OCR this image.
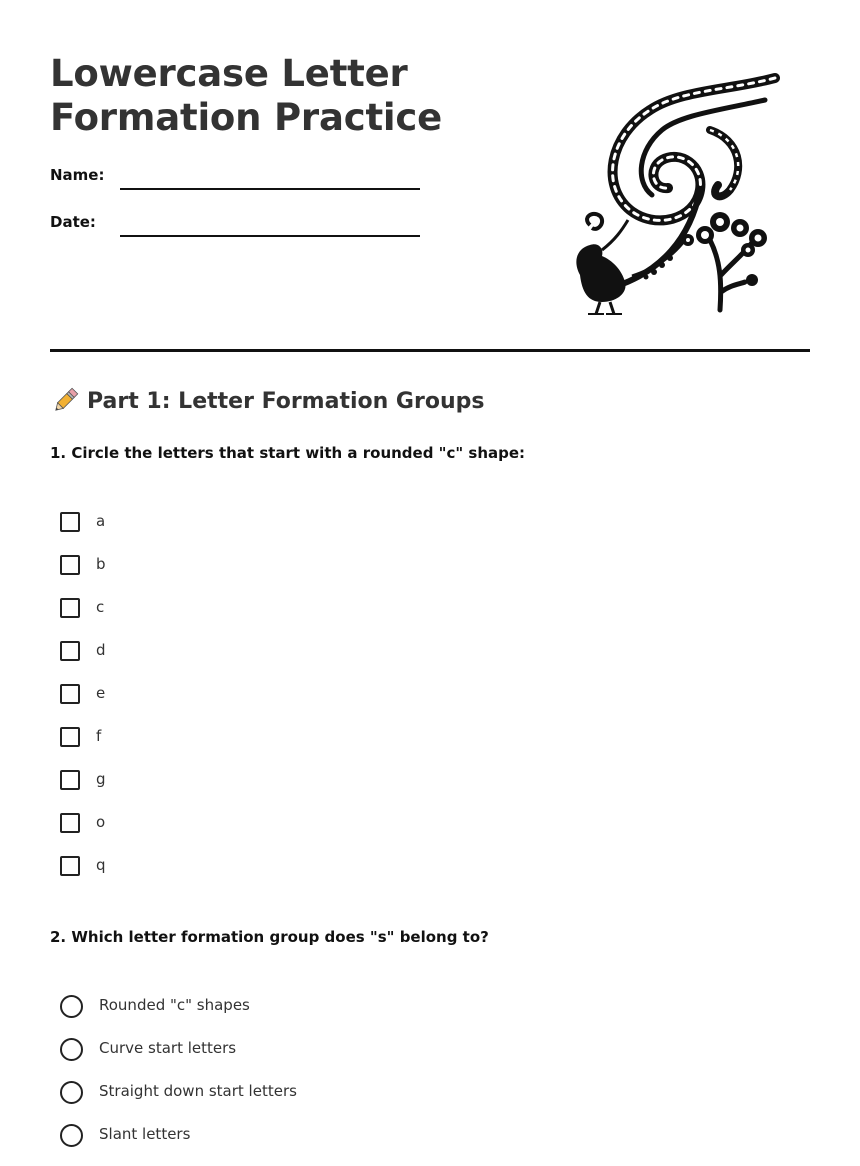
Lowercase Letter
Formation Practice
Name:
Date:
Part 1: Letter Formation Groups

1. Circle the letters that start with a rounded "c" shape:

a
b
c
d
e
f
g
o
q

2. Which letter formation group does "s" belong to?

Rounded "c" shapes
Curve start letters
Straight down start letters
Slant letters
